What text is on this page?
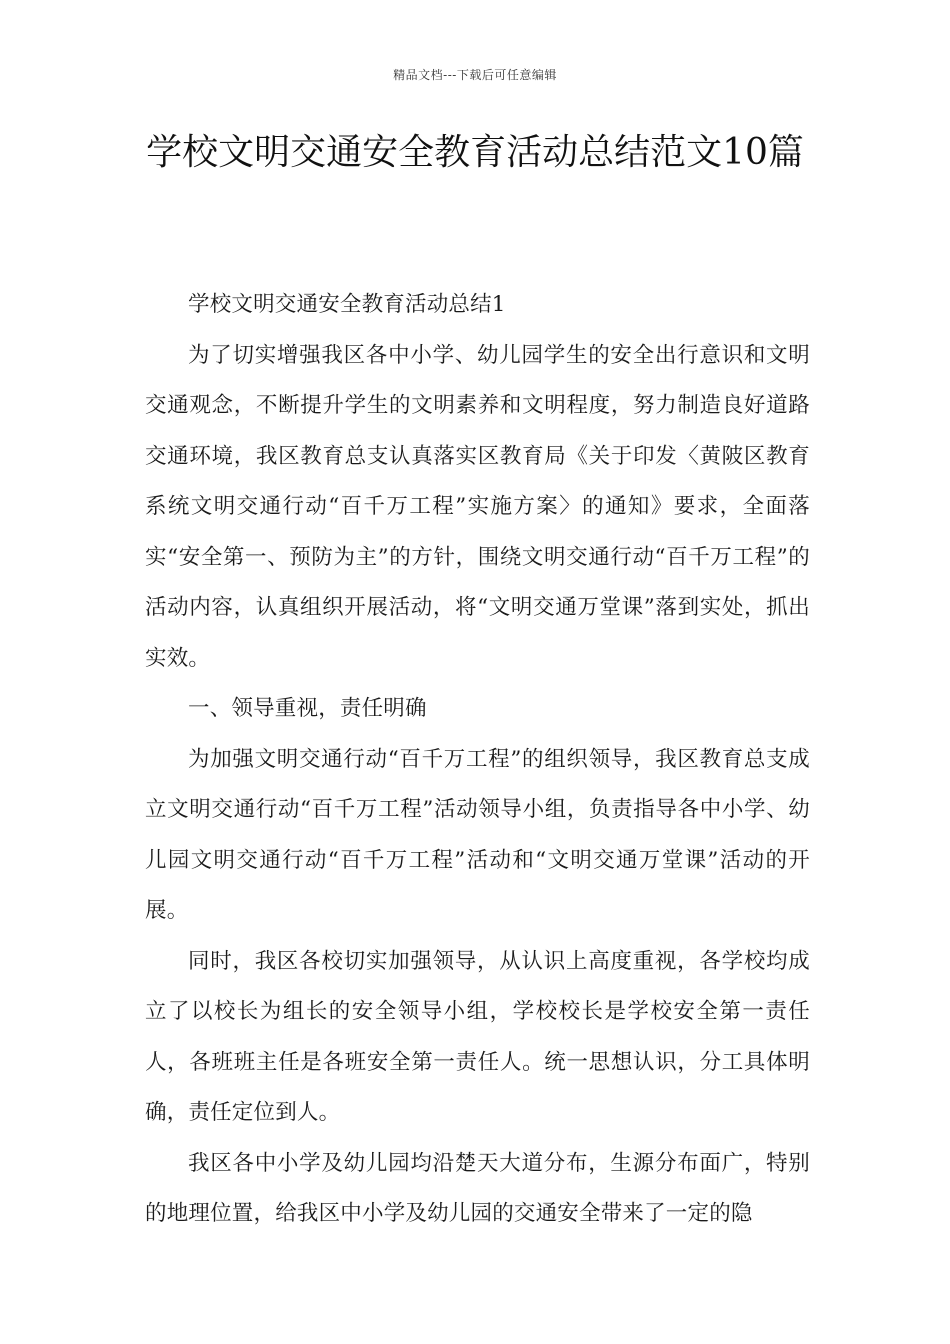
精品文档---下载后可任意编辑
学校文明交通安全教育活动总结范文10篇

学校文明交通安全教育活动总结1

为了切实增强我区各中小学、幼儿园学生的安全出行意识和文明交通观念，不断提升学生的文明素养和文明程度，努力制造良好道路交通环境，我区教育总支认真落实区教育局《关于印发〈黄陂区教育系统文明交通行动“百千万工程”实施方案〉的通知》要求，全面落实“安全第一、预防为主”的方针，围绕文明交通行动“百千万工程”的活动内容，认真组织开展活动，将“文明交通万堂课”落到实处，抓出实效。

一、领导重视，责任明确

为加强文明交通行动“百千万工程”的组织领导，我区教育总支成立文明交通行动“百千万工程”活动领导小组，负责指导各中小学、幼儿园文明交通行动“百千万工程”活动和“文明交通万堂课”活动的开展。

同时，我区各校切实加强领导，从认识上高度重视，各学校均成立了以校长为组长的安全领导小组，学校校长是学校安全第一责任人，各班班主任是各班安全第一责任人。统一思想认识，分工具体明确，责任定位到人。

我区各中小学及幼儿园均沿楚天大道分布，生源分布面广，特别的地理位置，给我区中小学及幼儿园的交通安全带来了一定的隐
